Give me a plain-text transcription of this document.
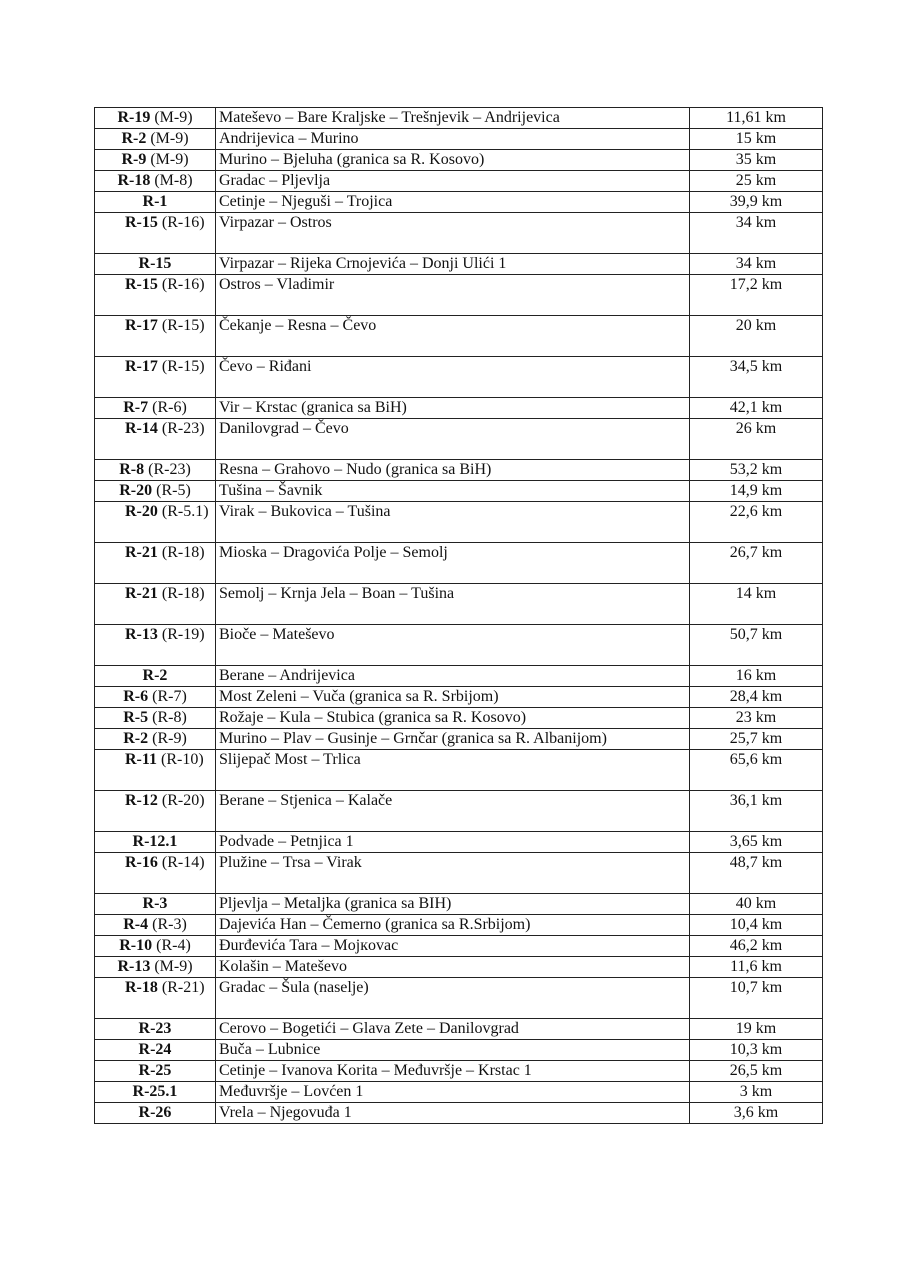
R-19 (M-9)	Mateševo – Bare Kraljske – Trešnjevik – Andrijevica	11,61 km
R-2 (M-9)	Andrijevica – Murino	15 km
R-9 (M-9)	Murino – Bjeluha (granica sa R. Kosovo)	35 km
R-18 (M-8)	Gradac – Pljevlja	25 km
R-1	Cetinje – Njeguši – Trojica	39,9 km
R-15 (R-16)	Virpazar – Ostros	34 km
R-15	Virpazar – Rijeka Crnojevića – Donji Ulići 1	34 km
R-15 (R-16)	Ostros – Vladimir	17,2 km
R-17 (R-15)	Čekanje – Resna – Čevo	20 km
R-17 (R-15)	Čevo – Riđani	34,5 km
R-7 (R-6)	Vir – Krstac (granica sa BiH)	42,1 km
R-14 (R-23)	Danilovgrad – Čevo	26 km
R-8 (R-23)	Resna – Grahovo – Nudo (granica sa BiH)	53,2 km
R-20 (R-5)	Tušina – Šavnik	14,9 km
R-20 (R-5.1)	Virak – Bukovica – Tušina	22,6 km
R-21 (R-18)	Mioska – Dragovića Polje – Semolj	26,7 km
R-21 (R-18)	Semolj – Krnja Jela – Boan – Tušina	14 km
R-13 (R-19)	Bioče – Mateševo	50,7 km
R-2	Berane – Andrijevica	16 km
R-6 (R-7)	Most Zeleni – Vuča (granica sa R. Srbijom)	28,4 km
R-5 (R-8)	Rožaje – Kula – Stubica (granica sa R. Kosovo)	23 km
R-2 (R-9)	Murino – Plav – Gusinje – Grnčar (granica sa R. Albanijom)	25,7 km
R-11 (R-10)	Slijepač Most – Trlica	65,6 km
R-12 (R-20)	Berane – Stjenica – Kalače	36,1 km
R-12.1	Podvade – Petnjica 1	3,65 km
R-16 (R-14)	Plužine – Trsa – Virak	48,7 km
R-3	Pljevlja – Metaljka (granica sa BIH)	40 km
R-4 (R-3)	Dajevića Han – Čemerno (granica sa R.Srbijom)	10,4 km
R-10 (R-4)	Đurđevića Tara – Mojкovac	46,2 km
R-13 (M-9)	Kolašin – Mateševo	11,6 km
R-18 (R-21)	Gradac – Šula (naselje)	10,7 km
R-23	Cerovo – Bogetići – Glava Zete – Danilovgrad	19 km
R-24	Buča – Lubnice	10,3 km
R-25	Cetinje – Ivanova Korita – Međuvršje – Krstac 1	26,5 km
R-25.1	Međuvršje – Lovćen 1	3 km
R-26	Vrela – Njegovuđa 1	3,6 km
